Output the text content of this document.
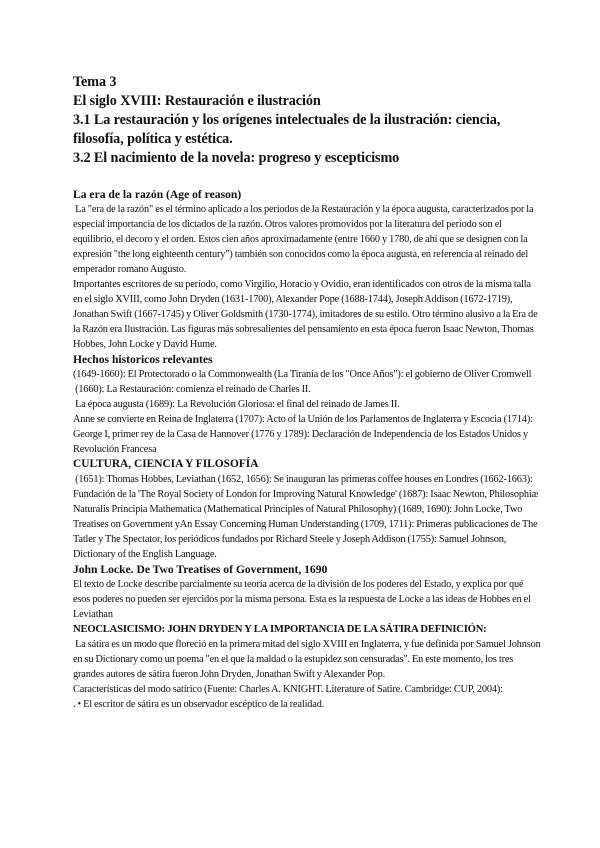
Tema 3
El siglo XVIII: Restauración e ilustración
3.1 La restauración y los orígenes intelectuales de la ilustración: ciencia, filosofía, política y estética.
3.2 El nacimiento de la novela: progreso y escepticismo
La era de la razón (Age of reason)

La "era de la razón" es el término aplicado a los periodos de la Restauración y la época augusta, caracterizados por la especial importancia de los dictados de la razón. Otros valores promovidos por la literatura del período son el equilibrio, el decoro y el orden. Estos cien años aproximadamente (entre 1660 y 1780, de ahí que se designen con la expresión "the long eighteenth century") también son conocidos como la época augusta, en referencia al reinado del emperador romano Augusto.

Importantes escritores de su período, como Virgilio, Horacio y Ovidio, eran identificados con otros de la misma talla en el siglo XVIII, como John Dryden (1631-1700), Alexander Pope (1688-1744), Joseph Addison (1672-1719), Jonathan Swift (1667-1745) y Oliver Goldsmith (1730-1774), imitadores de su estilo. Otro término alusivo a la Era de la Razón era Ilustración. Las figuras más sobresalientes del pensamiento en esta época fueron Isaac Newton, Thomas Hobbes, John Locke y David Hume.

Hechos historicos relevantes

(1649-1660): El Protectorado o la Commonwealth (La Tiranía de los "Once Años"): el gobierno de Oliver Cromwell

(1660): La Restauración: comienza el reinado de Charles II.

La época augusta (1689): La Revolución Gloriosa: el final del reinado de James II.

Anne se convierte en Reina de Inglaterra (1707): Acto of la Unión de los Parlamentos de Inglaterra y Escocia (1714): George I, primer rey de la Casa de Hannover (1776 y 1789): Declaración de Independencia de los Estados Unidos y Revolución Francesa

CULTURA, CIENCIA Y FILOSOFÍA

(1651): Thomas Hobbes, Leviathan (1652, 1656): Se inauguran las primeras coffee houses en Londres (1662-1663): Fundación de la 'The Royal Society of London for Improving Natural Knowledge' (1687): Isaac Newton, Philosophiæ Naturalis Principia Mathematica (Mathematical Principles of Natural Philosophy) (1689, 1690): John Locke, Two Treatises on Government yAn Essay Concerning Human Understanding (1709, 1711): Primeras publicaciones de The Tatler y The Spectator, los periódicos fundados por Richard Steele y Joseph Addison (1755): Samuel Johnson, Dictionary of the English Language.

John Locke. De Two Treatises of Government, 1690

El texto de Locke describe parcialmente su teoría acerca de la división de los poderes del Estado, y explica por qué esos poderes no pueden ser ejercidos por la misma persona. Esta es la respuesta de Locke a las ideas de Hobbes en el Leviathan

NEOCLASICISMO: JOHN DRYDEN Y LA IMPORTANCIA DE LA SÁTIRA DEFINICIÓN:

La sátira es un modo que floreció en la primera mitad del siglo XVIII en Inglaterra, y fue definida por Samuel Johnson en su Dictionary como un poema "en el que la maldad o la estupidez son censuradas". En este momento, los tres grandes autores de sátira fueron John Dryden, Jonathan Swift y Alexander Pop.

Características del modo satírico (Fuente: Charles A. KNIGHT. Literature of Satire. Cambridge: CUP, 2004):

. • El escritor de sátira es un observador escéptico de la realidad.
